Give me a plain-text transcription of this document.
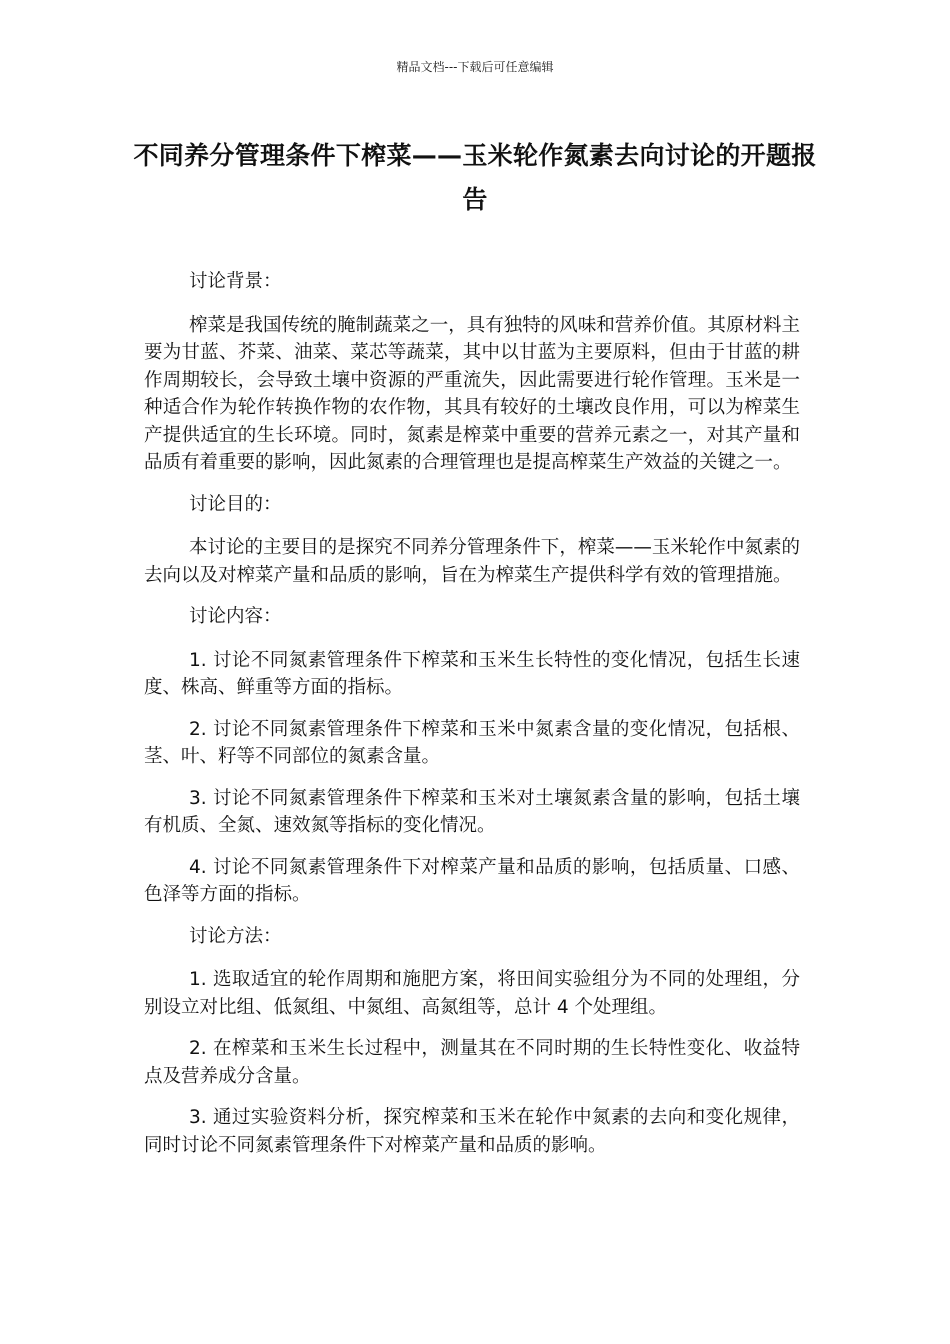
精品文档---下载后可任意编辑
不同养分管理条件下榨菜——玉米轮作氮素去向讨论的开题报告

讨论背景：

榨菜是我国传统的腌制蔬菜之一，具有独特的风味和营养价值。其原材料主要为甘蓝、芥菜、油菜、菜芯等蔬菜，其中以甘蓝为主要原料，但由于甘蓝的耕作周期较长，会导致土壤中资源的严重流失，因此需要进行轮作管理。玉米是一种适合作为轮作转换作物的农作物，其具有较好的土壤改良作用，可以为榨菜生产提供适宜的生长环境。同时，氮素是榨菜中重要的营养元素之一，对其产量和品质有着重要的影响，因此氮素的合理管理也是提高榨菜生产效益的关键之一。

讨论目的：

本讨论的主要目的是探究不同养分管理条件下，榨菜——玉米轮作中氮素的去向以及对榨菜产量和品质的影响，旨在为榨菜生产提供科学有效的管理措施。

讨论内容：

1. 讨论不同氮素管理条件下榨菜和玉米生长特性的变化情况，包括生长速度、株高、鲜重等方面的指标。

2. 讨论不同氮素管理条件下榨菜和玉米中氮素含量的变化情况，包括根、茎、叶、籽等不同部位的氮素含量。

3. 讨论不同氮素管理条件下榨菜和玉米对土壤氮素含量的影响，包括土壤有机质、全氮、速效氮等指标的变化情况。

4. 讨论不同氮素管理条件下对榨菜产量和品质的影响，包括质量、口感、色泽等方面的指标。

讨论方法：

1. 选取适宜的轮作周期和施肥方案，将田间实验组分为不同的处理组，分别设立对比组、低氮组、中氮组、高氮组等，总计 4 个处理组。

2. 在榨菜和玉米生长过程中，测量其在不同时期的生长特性变化、收益特点及营养成分含量。

3. 通过实验资料分析，探究榨菜和玉米在轮作中氮素的去向和变化规律，同时讨论不同氮素管理条件下对榨菜产量和品质的影响。
